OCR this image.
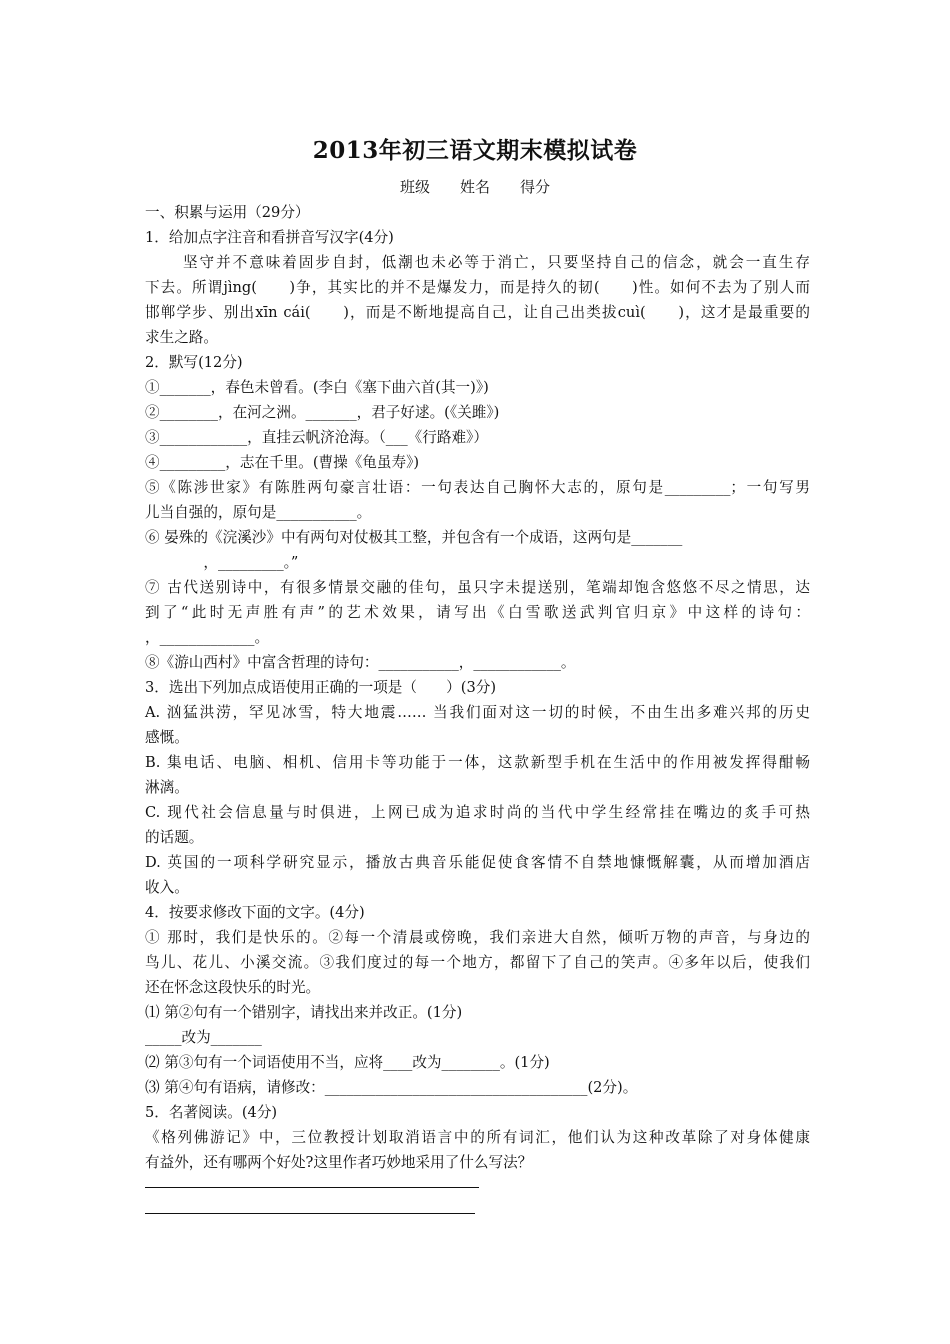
2013年初三语文期末模拟试卷
班级　　姓名　　得分
一、积累与运用（29分）
1．给加点字注音和看拼音写汉字(4分)
坚守并不意味着固步自封，低潮也未必等于消亡，只要坚持自己的信念，就会一直生存
下去。所谓jìng(　　)争，其实比的并不是爆发力，而是持久的韧(　　)性。如何不去为了别人而
邯郸学步、别出xīn cái(　　)，而是不断地提高自己，让自己出类拔cuì(　　)，这才是最重要的
求生之路。
2．默写(12分)
①_______，春色未曾看。(李白《塞下曲六首(其一)》)
②________，在河之洲。_______，君子好逑。(《关雎》)
③____________，直挂云帆济沧海。（___《行路难》）
④_________，志在千里。(曹操《龟虽寿》)
⑤《陈涉世家》有陈胜两句豪言壮语：一句表达自己胸怀大志的，原句是_________；一句写男
儿当自强的，原句是___________。
⑥ 晏殊的《浣溪沙》中有两句对仗极其工整，并包含有一个成语，这两句是_______
　　　　，_________。”
⑦ 古代送别诗中，有很多情景交融的佳句，虽只字未提送别，笔端却饱含悠悠不尽之情思，达
到了“此时无声胜有声”的艺术效果，请写出《白雪歌送武判官归京》中这样的诗句：
，_____________。
⑧《游山西村》中富含哲理的诗句：___________，____________。
3．选出下列加点成语使用正确的一项是（　　）(3分)
A. 汹猛洪涝，罕见冰雪，特大地震…… 当我们面对这一切的时候，不由生出多难兴邦的历史
感慨。
B. 集电话、电脑、相机、信用卡等功能于一体，这款新型手机在生活中的作用被发挥得酣畅
淋漓。
C. 现代社会信息量与时俱进，上网已成为追求时尚的当代中学生经常挂在嘴边的炙手可热
的话题。
D. 英国的一项科学研究显示，播放古典音乐能促使食客情不自禁地慷慨解囊，从而增加酒店
收入。
4．按要求修改下面的文字。(4分)
① 那时，我们是快乐的。②每一个清晨或傍晚，我们亲进大自然，倾听万物的声音，与身边的
鸟儿、花儿、小溪交流。③我们度过的每一个地方，都留下了自己的笑声。④多年以后，使我们
还在怀念这段快乐的时光。
⑴ 第②句有一个错别字，请找出来并改正。(1分)
_____改为_______
⑵ 第③句有一个词语使用不当，应将____改为________。(1分)
⑶ 第④句有语病，请修改：____________________________________(2分)。
5．名著阅读。(4分)
《格列佛游记》中，三位教授计划取消语言中的所有词汇，他们认为这种改革除了对身体健康
有益外，还有哪两个好处?这里作者巧妙地采用了什么写法？
